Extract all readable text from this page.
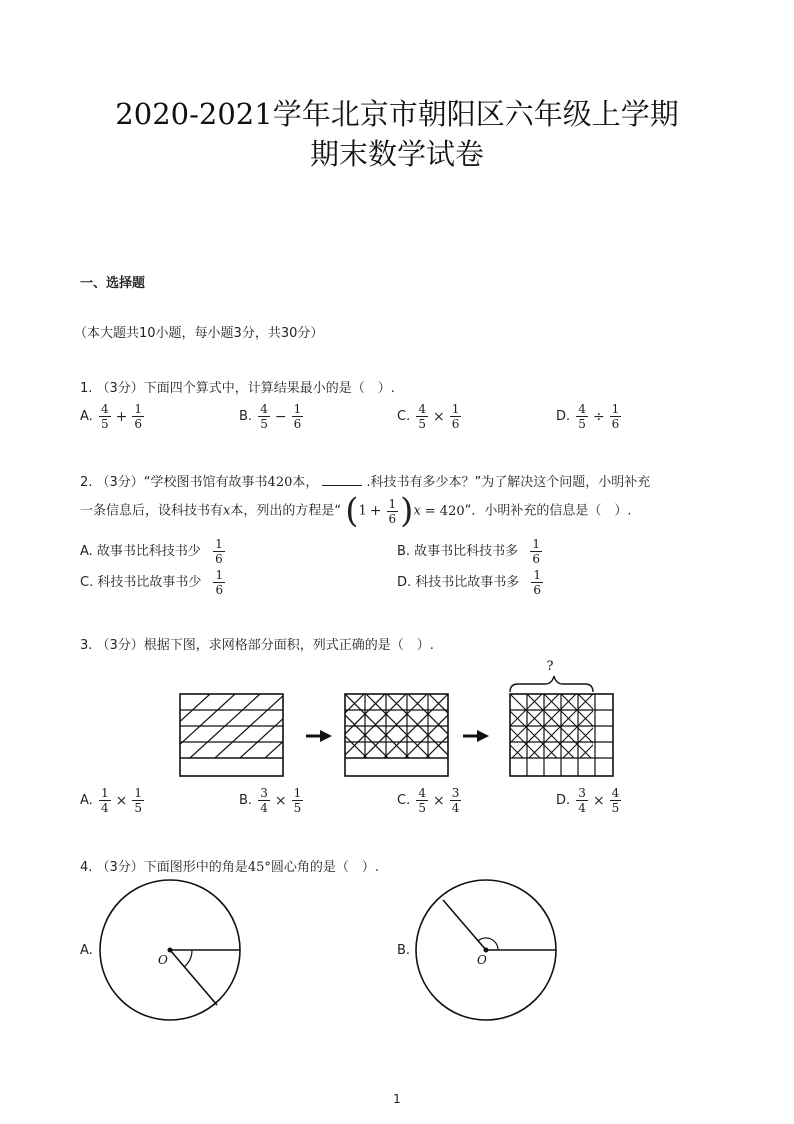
2020-2021学年北京市朝阳区六年级上学期
期末数学试卷
一、选择题
（本大题共10小题，每小题3分，共30分）
1. （3分）下面四个算式中，计算结果最小的是（　）.
A. $\frac{4}{5} + \frac{1}{6}$	B. $\frac{4}{5} - \frac{1}{6}$	C. $\frac{4}{5} \times \frac{1}{6}$	D. $\frac{4}{5} \div \frac{1}{6}$
2. （3分）“学校图书馆有故事书420本，	.科技书有多少本？”为了解决这个问题，小明补充
一条信息后，设科技书有x本，列出的方程是“ $(1 + \frac{1}{6} )x = 420$”．小明补充的信息是（　）.
A. 故事书比科技书少 $\frac{1}{6}$	B. 故事书比科技书多 $\frac{1}{6}$
C. 科技书比故事书少 $\frac{1}{6}$	D. 科技书比故事书多 $\frac{1}{6}$
3. （3分）根据下图，求网格部分面积，列式正确的是（　）.
?
A. $\frac{1}{4} \times \frac{1}{5}$	B. $\frac{3}{4} \times \frac{1}{5}$	C. $\frac{4}{5} \times \frac{3}{4}$	D. $\frac{3}{4} \times \frac{4}{5}$
4. （3分）下面图形中的角是45°圆心角的是（　）.
A.
O
B.
O
1
